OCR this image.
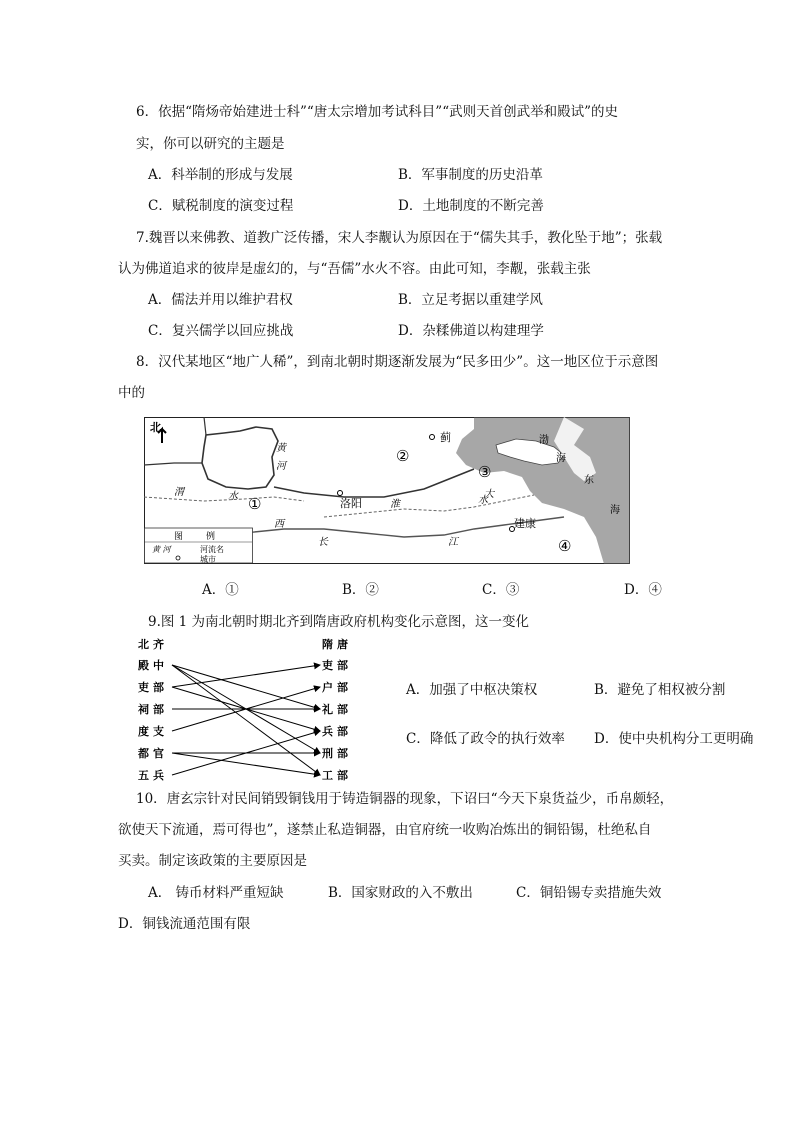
6．依据“隋炀帝始建进士科”“唐太宗增加考试科目”“武则天首创武举和殿试”的史
实，你可以研究的主题是
A．科举制的形成与发展	B．军事制度的历史沿革
C．赋税制度的演变过程	D．土地制度的不断完善
7.魏晋以来佛教、道教广泛传播，宋人李觏认为原因在于“儒失其手，教化坠于地”；张载
认为佛道追求的彼岸是虚幻的，与“吾儒”水火不容。由此可知，李觏，张载主张
A．儒法并用以维护君权	B．立足考据以重建学风
C．复兴儒学以回应挑战	D．杂糅佛道以构建理学
8．汉代某地区“地广人稀”，到南北朝时期逐渐发展为“民多田少”。这一地区位于示意图
中的
北
黄
河
渭	水
淮	水
蓟
洛阳
建康
渤
海
东
海
长	江
西
大
①
②
③
④
图	例
黄 河	河流名
城市
A．①	B．②	C．③	D．④
9.图 1 为南北朝时期北齐到隋唐政府机构变化示意图，这一变化
北齐	隋唐
殿中
吏部
祠部
度支
都官
五兵
吏部
户部
礼部
兵部
刑部
工部
A．加强了中枢决策权	B．避免了相权被分割
C．降低了政令的执行效率 D．使中央机构分工更明确
10．唐玄宗针对民间销毁铜钱用于铸造铜器的现象，下诏曰“今天下泉货益少，币帛颇轻，
欲使天下流通，焉可得也”，遂禁止私造铜器，由官府统一收购冶炼出的铜铅锡，杜绝私自
买卖。制定该政策的主要原因是
A． 铸币材料严重短缺	B．国家财政的入不敷出	C．铜铅锡专卖措施失效
D．铜钱流通范围有限
